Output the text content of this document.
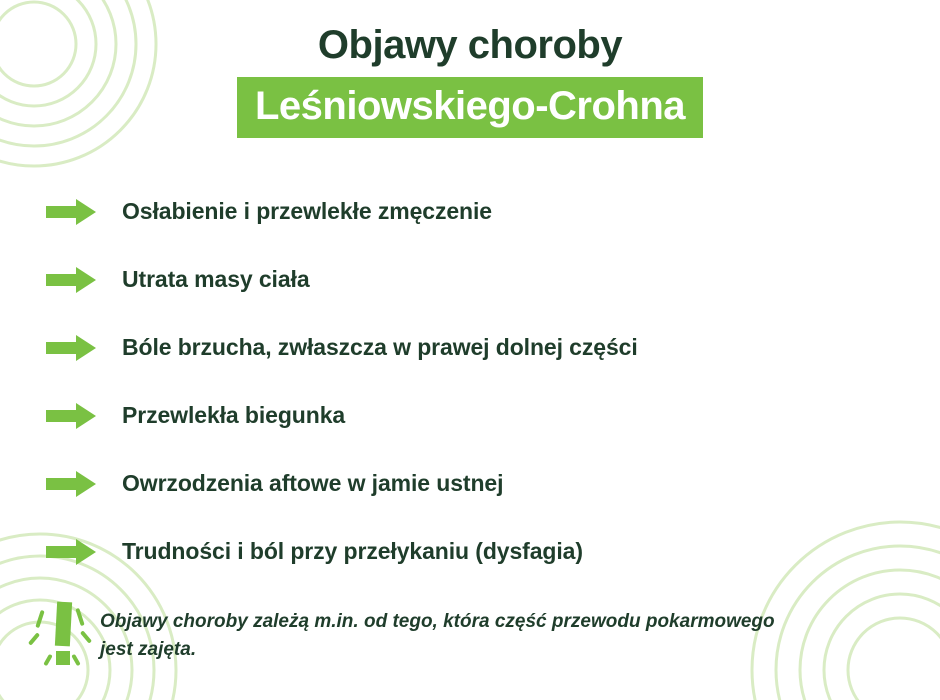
Objawy choroby
Leśniowskiego-Crohna
Osłabienie i przewlekłe zmęczenie
Utrata masy ciała
Bóle brzucha, zwłaszcza w prawej dolnej części
Przewlekła biegunka
Owrzodzenia aftowe w jamie ustnej
Trudności i ból przy przełykaniu (dysfagia)
Objawy choroby zależą m.in. od tego, która część przewodu pokarmowego jest zajęta.
